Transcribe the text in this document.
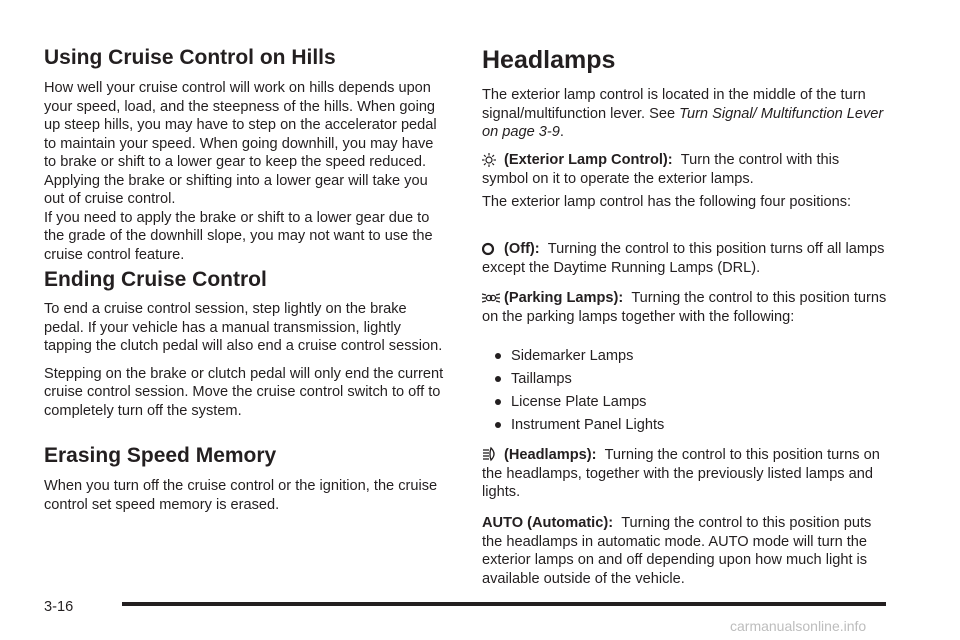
Using Cruise Control on Hills

How well your cruise control will work on hills depends upon your speed, load, and the steepness of the hills. When going up steep hills, you may have to step on the accelerator pedal to maintain your speed. When going downhill, you may have to brake or shift to a lower gear to keep the speed reduced. Applying the brake or shifting into a lower gear will take you out of cruise control.

If you need to apply the brake or shift to a lower gear due to the grade of the downhill slope, you may not want to use the cruise control feature.

Ending Cruise Control

To end a cruise control session, step lightly on the brake pedal. If your vehicle has a manual transmission, lightly tapping the clutch pedal will also end a cruise control session.

Stepping on the brake or clutch pedal will only end the current cruise control session. Move the cruise control switch to off to completely turn off the system.

Erasing Speed Memory

When you turn off the cruise control or the ignition, the cruise control set speed memory is erased.

Headlamps

The exterior lamp control is located in the middle of the turn signal/multifunction lever. See Turn Signal/ Multifunction Lever on page 3-9.

(Exterior Lamp Control): Turn the control with this symbol on it to operate the exterior lamps.

The exterior lamp control has the following four positions:

(Off): Turning the control to this position turns off all lamps except the Daytime Running Lamps (DRL).

(Parking Lamps): Turning the control to this position turns on the parking lamps together with the following:

Sidemarker Lamps
Taillamps
License Plate Lamps
Instrument Panel Lights

(Headlamps): Turning the control to this position turns on the headlamps, together with the previously listed lamps and lights.

AUTO (Automatic): Turning the control to this position puts the headlamps in automatic mode. AUTO mode will turn the exterior lamps on and off depending upon how much light is available outside of the vehicle.

3-16
carmanualsonline.info
